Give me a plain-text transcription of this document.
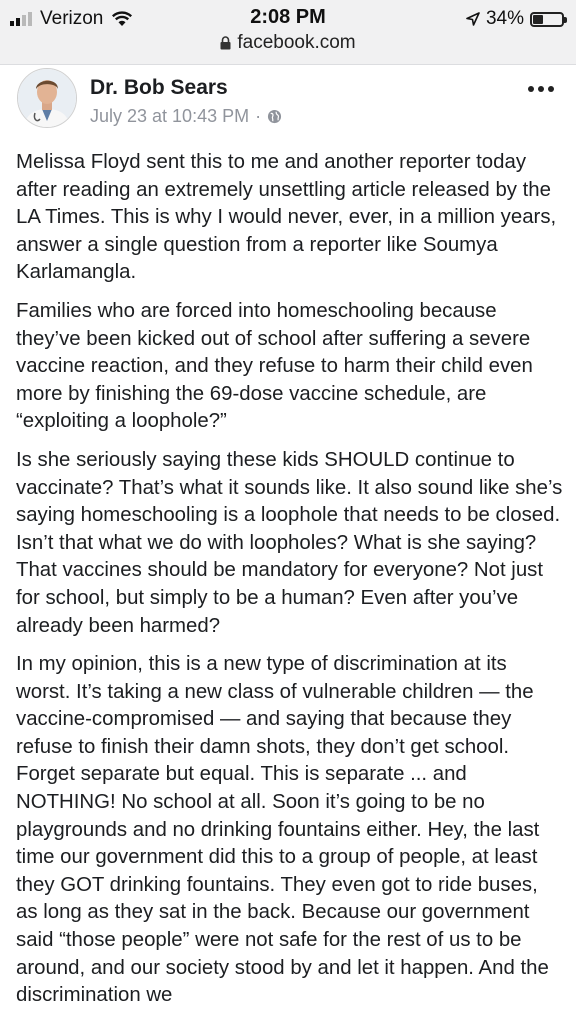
Verizon	2:08 PM	34%
facebook.com
Dr. Bob Sears
July 23 at 10:43 PM ·

Melissa Floyd sent this to me and another reporter today after reading an extremely unsettling article released by the LA Times. This is why I would never, ever, in a million years, answer a single question from a reporter like Soumya Karlamangla.

Families who are forced into homeschooling because they’ve been kicked out of school after suffering a severe vaccine reaction, and they refuse to harm their child even more by finishing the 69-dose vaccine schedule, are “exploiting a loophole?”

Is she seriously saying these kids SHOULD continue to vaccinate? That’s what it sounds like. It also sound like she’s saying homeschooling is a loophole that needs to be closed. Isn’t that what we do with loopholes? What is she saying? That vaccines should be mandatory for everyone? Not just for school, but simply to be a human? Even after you’ve already been harmed?

In my opinion, this is a new type of discrimination at its worst. It’s taking a new class of vulnerable children — the vaccine-compromised — and saying that because they refuse to finish their damn shots, they don’t get school. Forget separate but equal. This is separate ... and NOTHING! No school at all. Soon it’s going to be no playgrounds and no drinking fountains either. Hey, the last time our government did this to a group of people, at least they GOT drinking fountains. They even got to ride buses, as long as they sat in the back. Because our government said “those people” were not safe for the rest of us to be around, and our society stood by and let it happen. And the discrimination we
